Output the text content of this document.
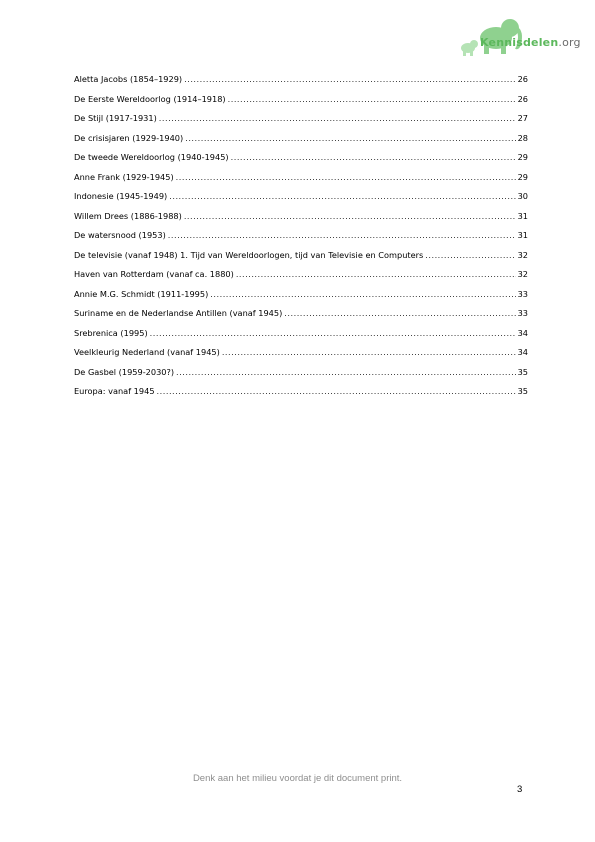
Kennisdelen.org
Aletta Jacobs (1854–1929) .....	26
De Eerste Wereldoorlog (1914–1918) .....	26
De Stijl (1917-1931) .....	27
De crisisjaren (1929-1940) .....	28
De tweede Wereldoorlog (1940-1945) .....	29
Anne Frank (1929-1945) .....	29
Indonesie (1945-1949) .....	30
Willem Drees (1886-1988) .....	31
De watersnood (1953) .....	31
De televisie (vanaf 1948) 1. Tijd van Wereldoorlogen, tijd van Televisie en Computers .....	32
Haven van Rotterdam (vanaf ca. 1880) .....	32
Annie M.G. Schmidt (1911-1995) .....	33
Suriname en de Nederlandse Antillen (vanaf 1945) .....	33
Srebrenica (1995) .....	34
Veelkleurig Nederland (vanaf 1945) .....	34
De Gasbel (1959-2030?) .....	35
Europa: vanaf 1945 .....	35
Denk aan het milieu voordat je dit document print.
3
